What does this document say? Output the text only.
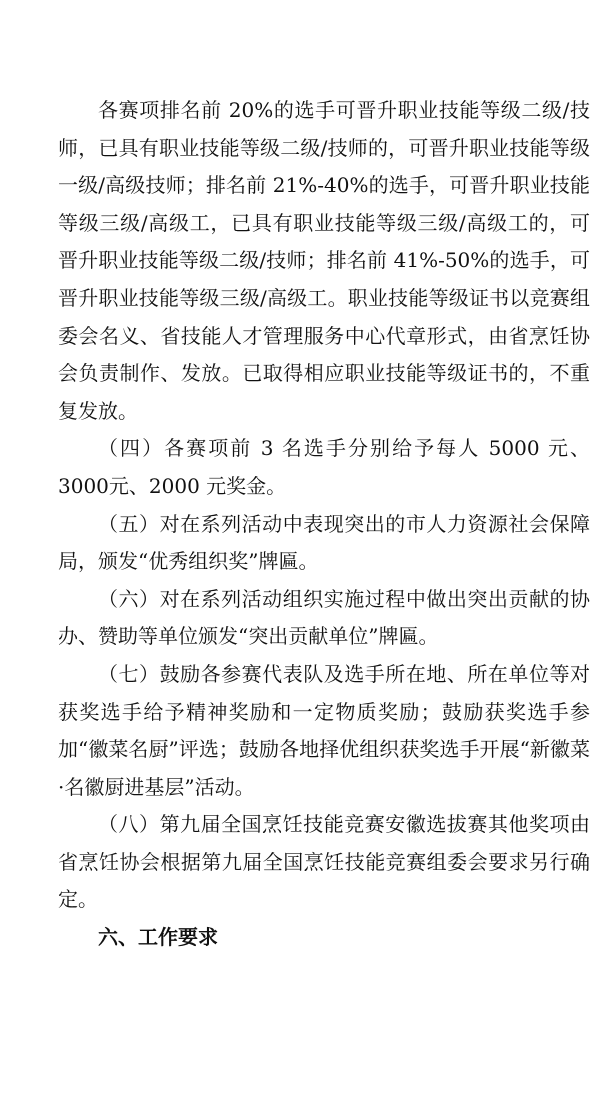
各赛项排名前 20%的选手可晋升职业技能等级二级/技师，已具有职业技能等级二级/技师的，可晋升职业技能等级一级/高级技师；排名前 21%-40%的选手，可晋升职业技能等级三级/高级工，已具有职业技能等级三级/高级工的，可晋升职业技能等级二级/技师；排名前 41%-50%的选手，可晋升职业技能等级三级/高级工。职业技能等级证书以竞赛组委会名义、省技能人才管理服务中心代章形式，由省烹饪协会负责制作、发放。已取得相应职业技能等级证书的，不重复发放。

（四）各赛项前 3 名选手分别给予每人 5000 元、3000元、2000 元奖金。

（五）对在系列活动中表现突出的市人力资源社会保障局，颁发“优秀组织奖”牌匾。

（六）对在系列活动组织实施过程中做出突出贡献的协办、赞助等单位颁发“突出贡献单位”牌匾。

（七）鼓励各参赛代表队及选手所在地、所在单位等对获奖选手给予精神奖励和一定物质奖励；鼓励获奖选手参加“徽菜名厨”评选；鼓励各地择优组织获奖选手开展“新徽菜·名徽厨进基层”活动。

（八）第九届全国烹饪技能竞赛安徽选拔赛其他奖项由省烹饪协会根据第九届全国烹饪技能竞赛组委会要求另行确定。

六、工作要求
